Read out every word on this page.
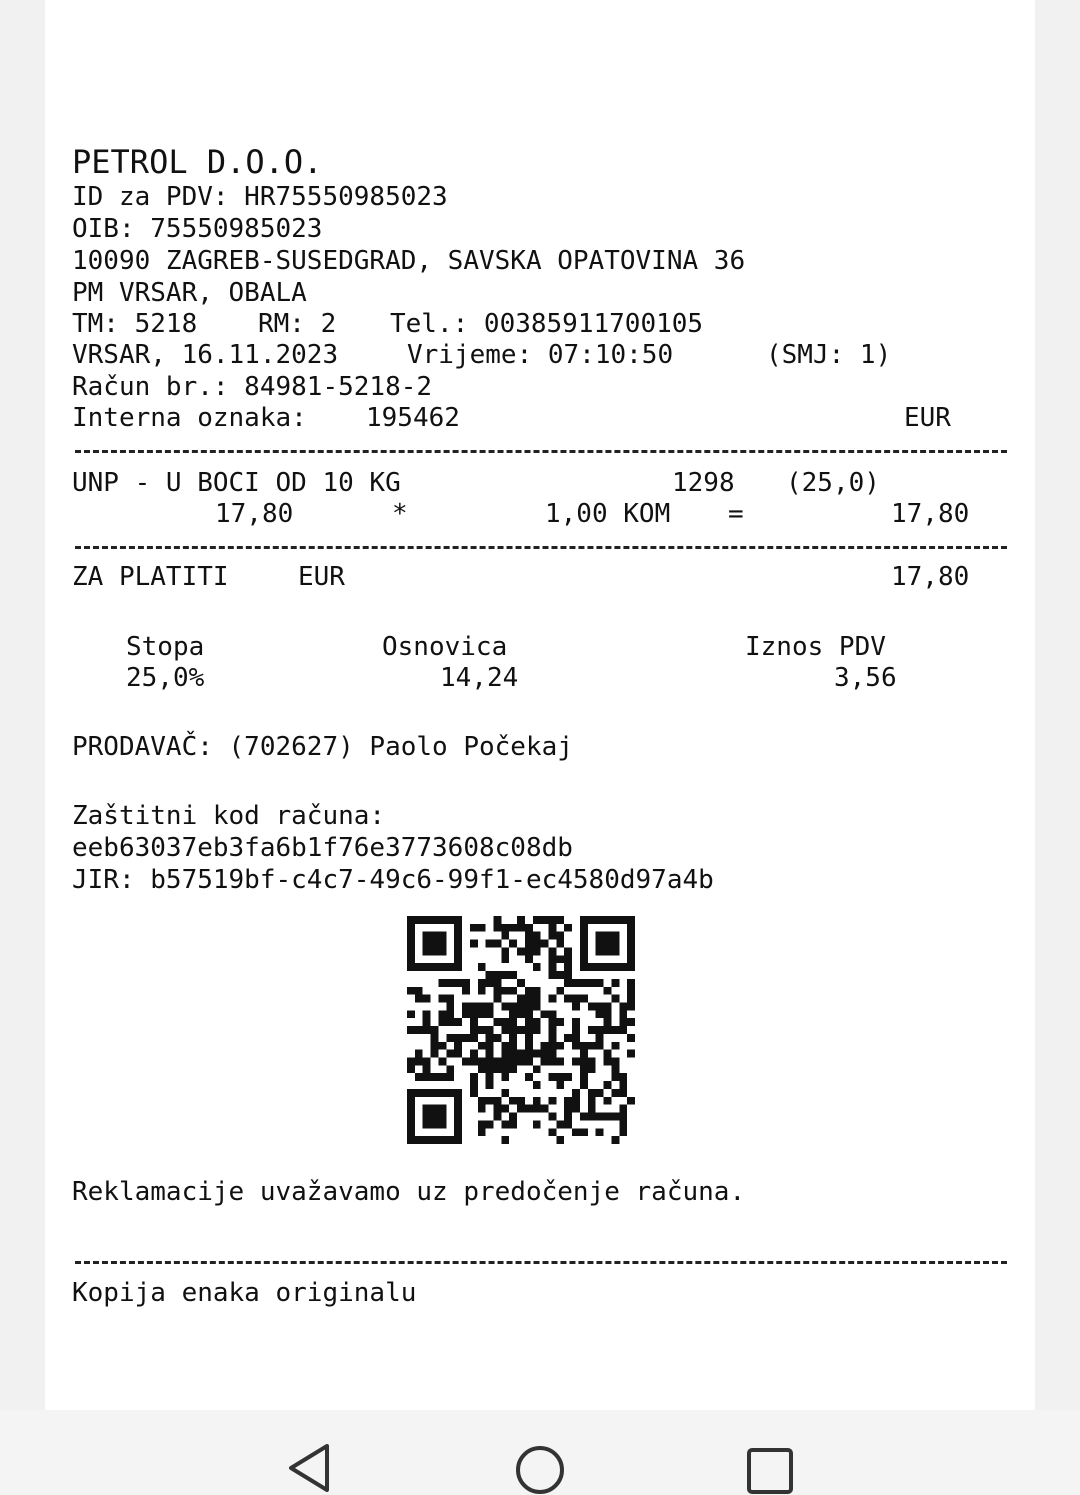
PETROL D.O.O.
ID za PDV: HR75550985023
OIB: 75550985023
10090 ZAGREB-SUSEDGRAD, SAVSKA OPATOVINA 36
PM VRSAR, OBALA
TM: 5218 RM: 2 Tel.: 00385911700105
VRSAR, 16.11.2023	Vrijeme: 07:10:50	(SMJ: 1)
Račun br.: 84981-5218-2
Interna oznaka: 195462	EUR
UNP - U BOCI OD 10 KG	1298 (25,0)
17,80	*	1,00 KOM =	17,80
ZA PLATITI	EUR	17,80
Stopa	Osnovica	Iznos PDV
25,0%	14,24	3,56
PRODAVAČ: (702627) Paolo Počekaj
Zaštitni kod računa:
eeb63037eb3fa6b1f76e3773608c08db
JIR: b57519bf-c4c7-49c6-99f1-ec4580d97a4b
Reklamacije uvažavamo uz predočenje računa.
Kopija enaka originalu
